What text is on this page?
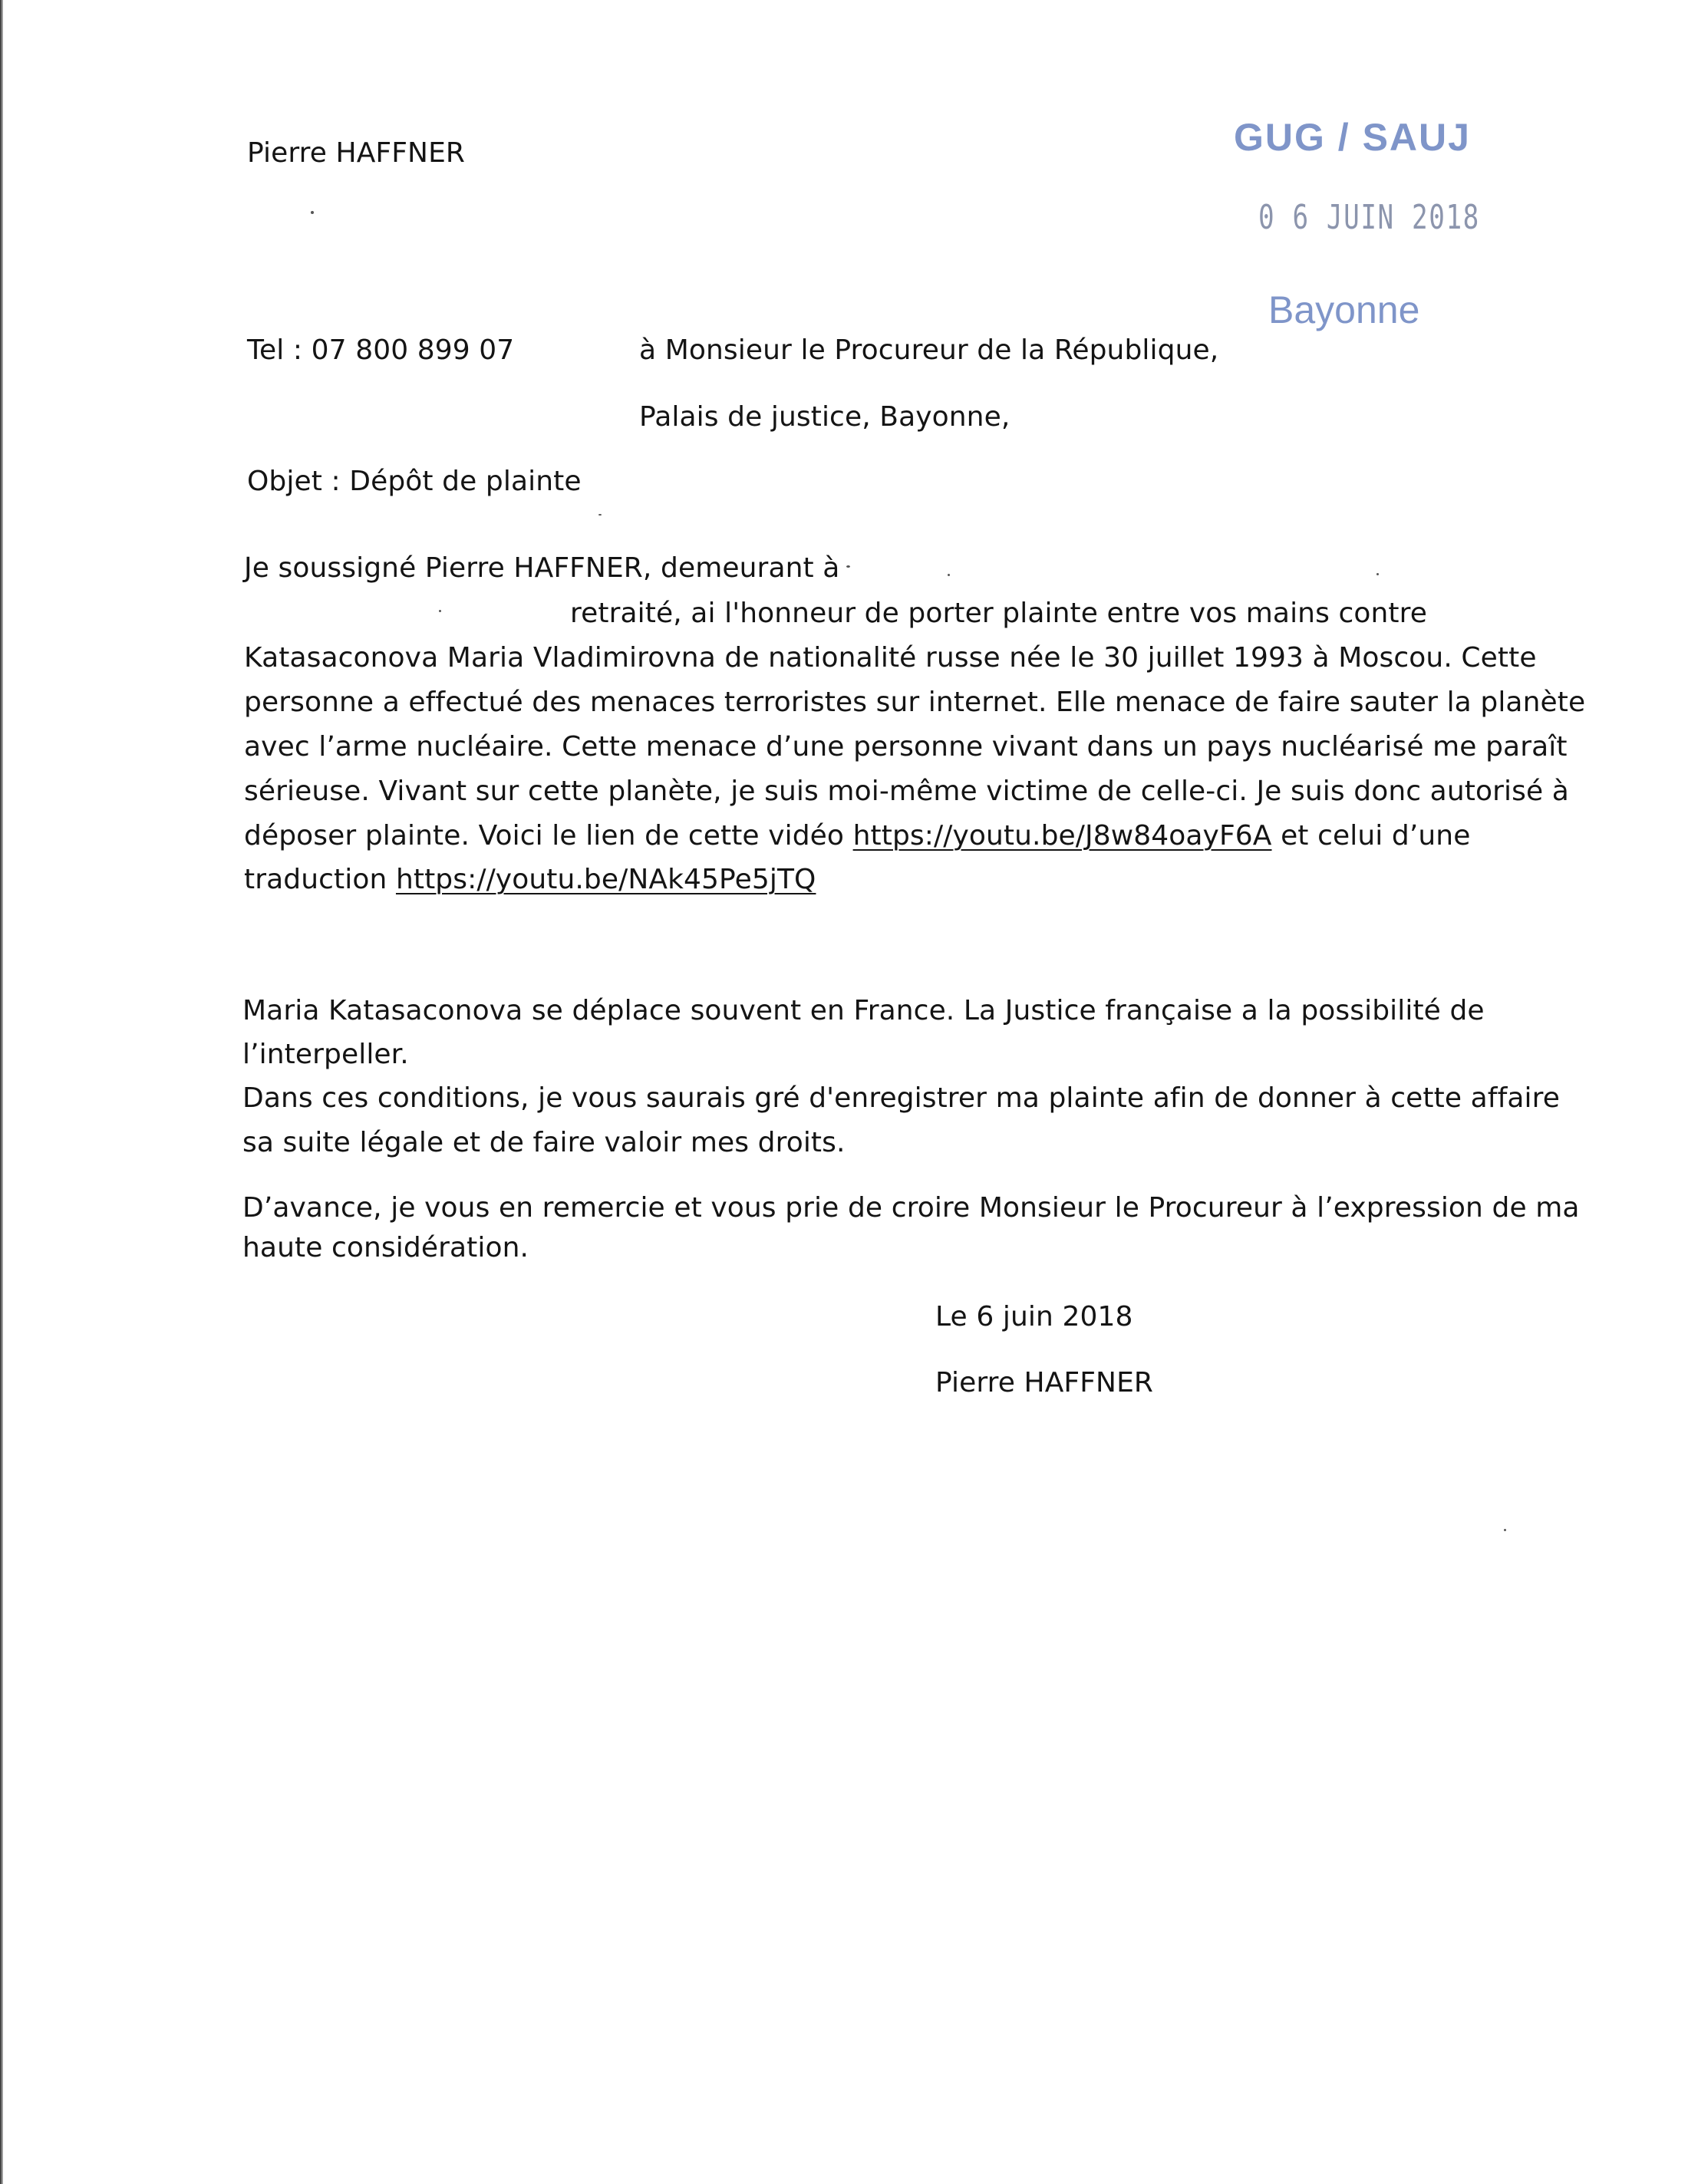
Pierre HAFFNER
Tel : 07 800 899 07
GUG / SAUJ
0 6 JUIN 2018
Bayonne
à Monsieur le Procureur de la République,
Palais de justice, Bayonne,
Objet : Dépôt de plainte
Je soussigné Pierre HAFFNER, demeurant à
retraité, ai l'honneur de porter plainte entre vos mains contre
Katasaconova Maria Vladimirovna de nationalité russe née le 30 juillet 1993 à Moscou. Cette
personne a effectué des menaces terroristes sur internet. Elle menace de faire sauter la planète
avec l’arme nucléaire. Cette menace d’une personne vivant dans un pays nucléarisé me paraît
sérieuse. Vivant sur cette planète, je suis moi-même victime de celle-ci. Je suis donc autorisé à
déposer plainte. Voici le lien de cette vidéo https://youtu.be/J8w84oayF6A et celui d’une
traduction https://youtu.be/NAk45Pe5jTQ
Maria Katasaconova se déplace souvent en France. La Justice française a la possibilité de
l’interpeller.
Dans ces conditions, je vous saurais gré d'enregistrer ma plainte afin de donner à cette affaire
sa suite légale et de faire valoir mes droits.
D’avance, je vous en remercie et vous prie de croire Monsieur le Procureur à l’expression de ma
haute considération.
Le 6 juin 2018
Pierre HAFFNER
